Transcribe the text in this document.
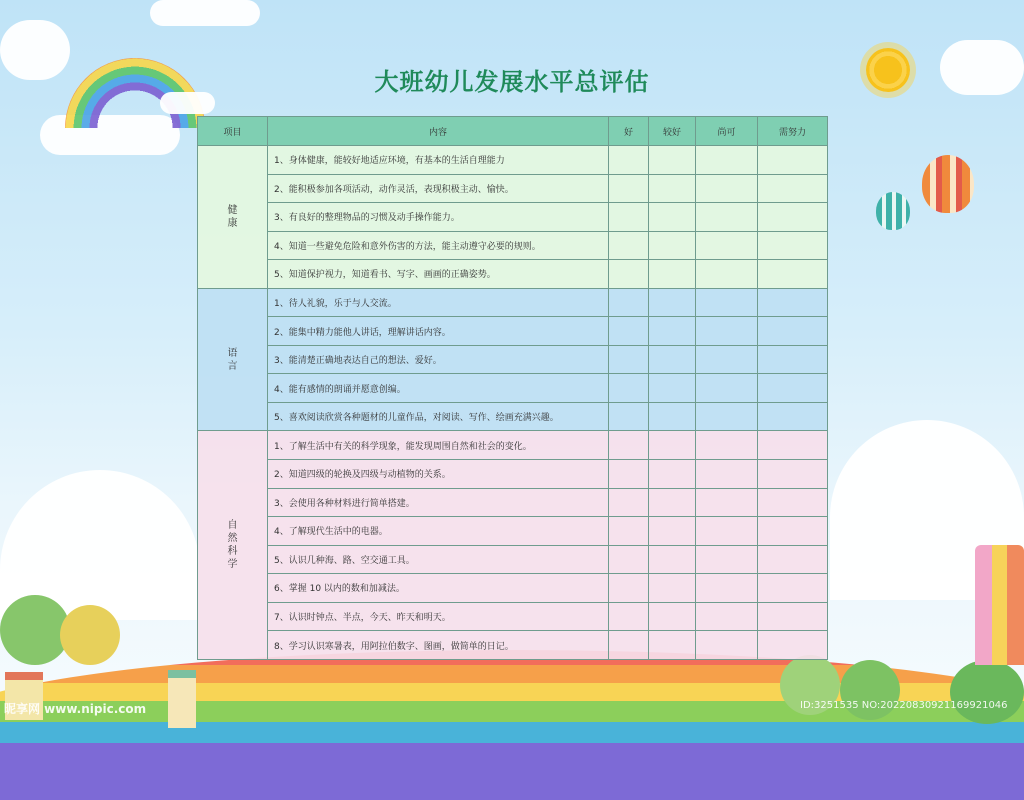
大班幼儿发展水平总评估
项目	内容	好	较好	尚可	需努力
健康	1、身体健康，能较好地适应环境，有基本的生活自理能力				
	2、能积极参加各项活动，动作灵活，表现积极主动、愉快。				
	3、有良好的整理物品的习惯及动手操作能力。				
	4、知道一些避免危险和意外伤害的方法，能主动遵守必要的规则。				
	5、知道保护视力，知道看书、写字、画画的正确姿势。				
语言	1、待人礼貌，乐于与人交流。				
	2、能集中精力能他人讲话，理解讲话内容。				
	3、能清楚正确地表达自己的想法、爱好。				
	4、能有感情的朗诵并愿意创编。				
	5、喜欢阅读欣赏各种题材的儿童作品，对阅读、写作、绘画充满兴趣。				
自然科学	1、了解生活中有关的科学现象，能发现周围自然和社会的变化。				
	2、知道四级的轮换及四级与动植物的关系。				
	3、会使用各种材料进行简单搭建。				
	4、了解现代生活中的电器。				
	5、认识几种海、路、空交通工具。				
	6、掌握 10 以内的数和加减法。				
	7、认识时钟点、半点，今天、昨天和明天。				
	8、学习认识寒暑表，用阿拉伯数字、图画，做简单的日记。				
昵享网 www.nipic.com	ID:3251535 NO:20220830921169921046
